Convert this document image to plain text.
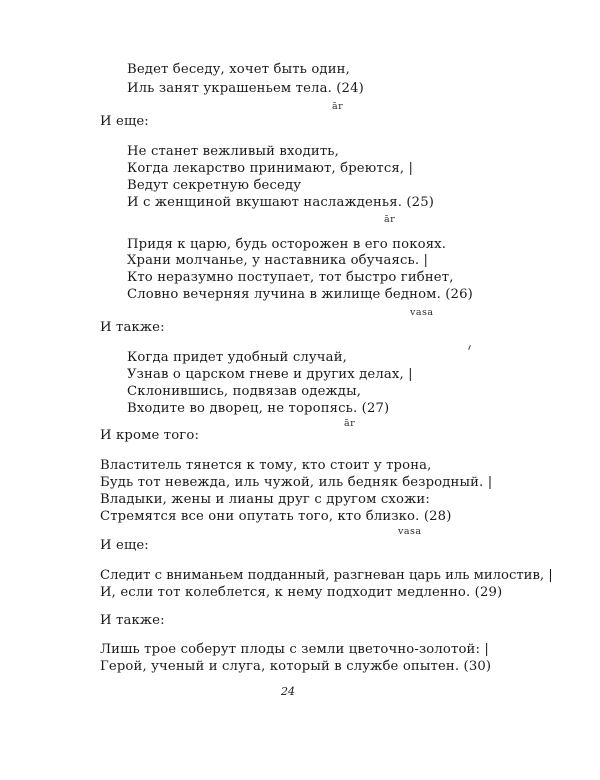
Ведет беседу, хочет быть один,
Иль занят украшеньем тела. (24)
ār
И еще:
Не станет вежливый входить,
Когда лекарство принимают, бреются, |
Ведут секретную беседу
И с женщиной вкушают наслажденья. (25)
ār
Придя к царю, будь осторожен в его покоях.
Храни молчанье, у наставника обучаясь. |
Кто неразумно поступает, тот быстро гибнет,
Словно вечерняя лучина в жилище бедном. (26)
vasa
И также:
Когда придет удобный случай,
Узнав о царском гневе и других делах, |
Склонившись, подвязав одежды,
Входите во дворец, не торопясь. (27)
ār
И кроме того:
Властитель тянется к тому, кто стоит у трона,
Будь тот невежда, иль чужой, иль бедняк безродный. |
Владыки, жены и лианы друг с другом схожи:
Стремятся все они опутать того, кто близко. (28)
vasa
И еще:
Следит с вниманьем подданный, разгневан царь иль милостив, |
И, если тот колеблется, к нему подходит медленно. (29)
И также:
Лишь трое соберут плоды с земли цветочно-золотой: |
Герой, ученый и слуга, который в службе опытен. (30)
24
